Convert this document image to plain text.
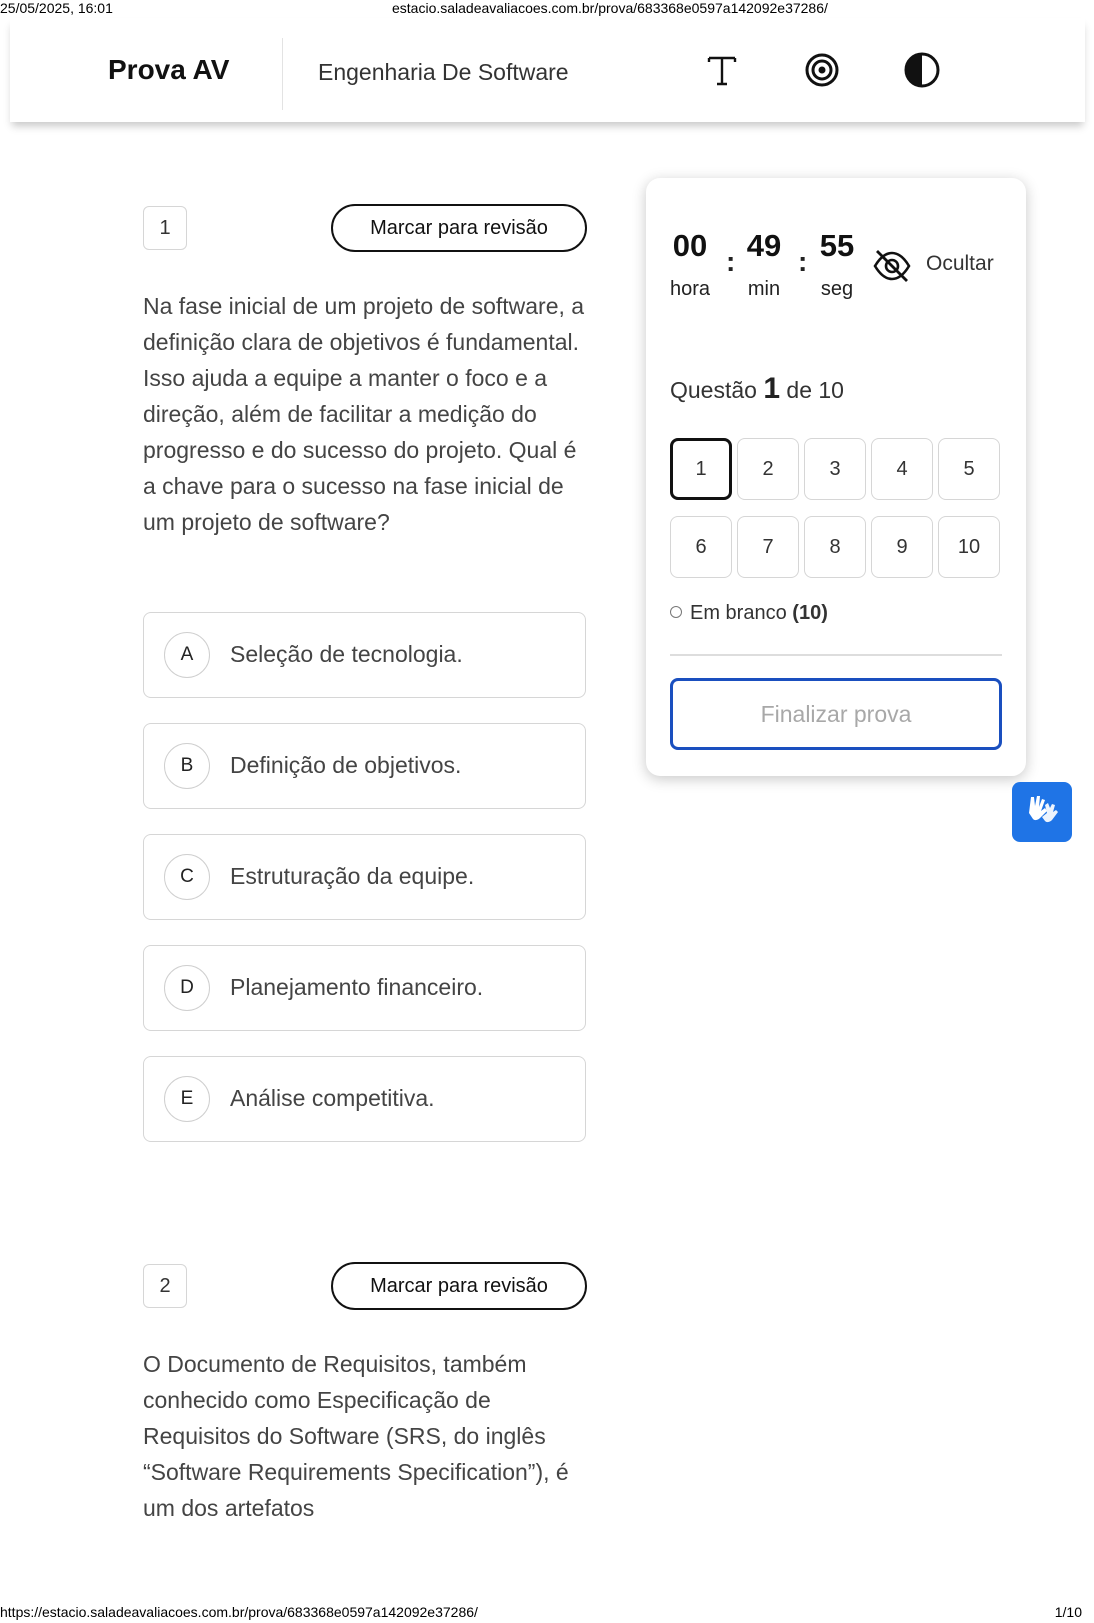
25/05/2025, 16:01	estacio.saladeavaliacoes.com.br/prova/683368e0597a142092e37286/
Prova AV	Engenharia De Software
1	Marcar para revisão

Na fase inicial de um projeto de software, a definição clara de objetivos é fundamental. Isso ajuda a equipe a manter o foco e a direção, além de facilitar a medição do progresso e do sucesso do projeto. Qual é a chave para o sucesso na fase inicial de um projeto de software?

A	Seleção de tecnologia.
B	Definição de objetivos.
C	Estruturação da equipe.
D	Planejamento financeiro.
E	Análise competitiva.
2	Marcar para revisão

O Documento de Requisitos, também conhecido como Especificação de Requisitos do Software (SRS, do inglês “Software Requirements Specification”), é um dos artefatos

00
hora
: 49
min
: 55
seg
Ocultar
Questão 1 de 10
1	2	3	4	5
6	7	8	9	10
Em branco (10)
Finalizar prova
https://estacio.saladeavaliacoes.com.br/prova/683368e0597a142092e37286/	1/10
